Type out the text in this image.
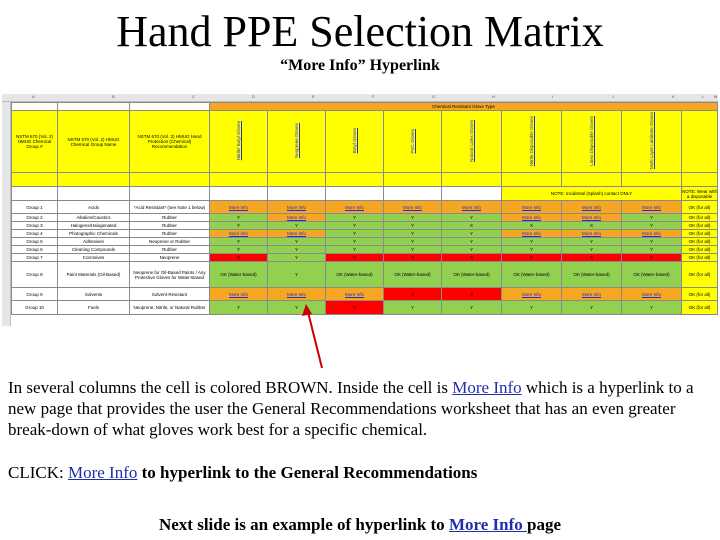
Hand PPE Selection Matrix
“More Info” Hyperlink
A	B	C	D	E	F	G	H	I	J	K	L M
			Chemical Resistant Glove Type								
NSTM 670 (Vol. 2) HMUG Chemical Group #	NSTM 670 (Vol. 2) HMUG Chemical Group Name	NSTM 670 (Vol. 2) HMUG Hand Protection (Chemical) Recommendation	Nitrile/ Butyl Gloves	Neoprene Gloves	Butyl Gloves	PVC Gloves	Natural Latex Gloves	Nitrile Disposable Gloves	Latex Disposable Gloves	Multi Layer Laminate Gloves	

								NOTE: Incidental (Splash) contact ONLY			NOTE: Wear with a disposable
Group 1	Acids	*Acid Resistant* (see Note 1 below)	More Info	More Info	More Info	More Info	More Info	More Info	More Info	More Info	OK (for all)
Group 2	Alkalies/Caustics	Rubber	Y	More Info	Y	Y	Y	More Info	More Info	Y	OK (for all)
Group 3	Halogens/Halogenated	Rubber	Y	Y	Y	Y	X	X	X	Y	OK (for all)
Group 4	Photographic Chemicals	Rubber	More Info	More Info	Y	Y	Y	More Info	More Info	More Info	OK (for all)
Group 5	Adhesives	Neoprene or Rubber	Y	Y	Y	Y	Y	Y	Y	Y	OK (for all)
Group 6	Cleaning Compounds	Rubber	Y	Y	Y	Y	Y	Y	Y	Y	OK (for all)
Group 7	Corrosives	Neoprene	X	Y	X	X	X	X	X	X	OK (for all)
Group 8	Paint Materials (Oil-Based)	Neoprene for Oil-Based Paints / Any Protective Gloves for Water-Based	OK (Water-based)	Y	OK (Water-based)	OK (Water-based)	OK (Water-based)	OK (Water-based)	OK (Water-based)	OK (Water-based)	OK (for all)
Group 9	Solvents	Solvent-Resistant	More Info	More Info	More Info	X	X	More Info	More Info	More Info	OK (for all)
Group 10	Fuels	Neoprene, Nitrile, or Natural Rubber	Y	Y	X	Y	Y	Y	Y	Y	OK (for all)
In several columns the cell is colored BROWN. Inside the cell is More Info which is a hyperlink to a new page that provides the user the General Recommendations worksheet that has an even greater break-down of what gloves work best for a specific chemical.
CLICK: More Info to hyperlink to the General Recommendations
Next slide is an example of hyperlink to More Info page
